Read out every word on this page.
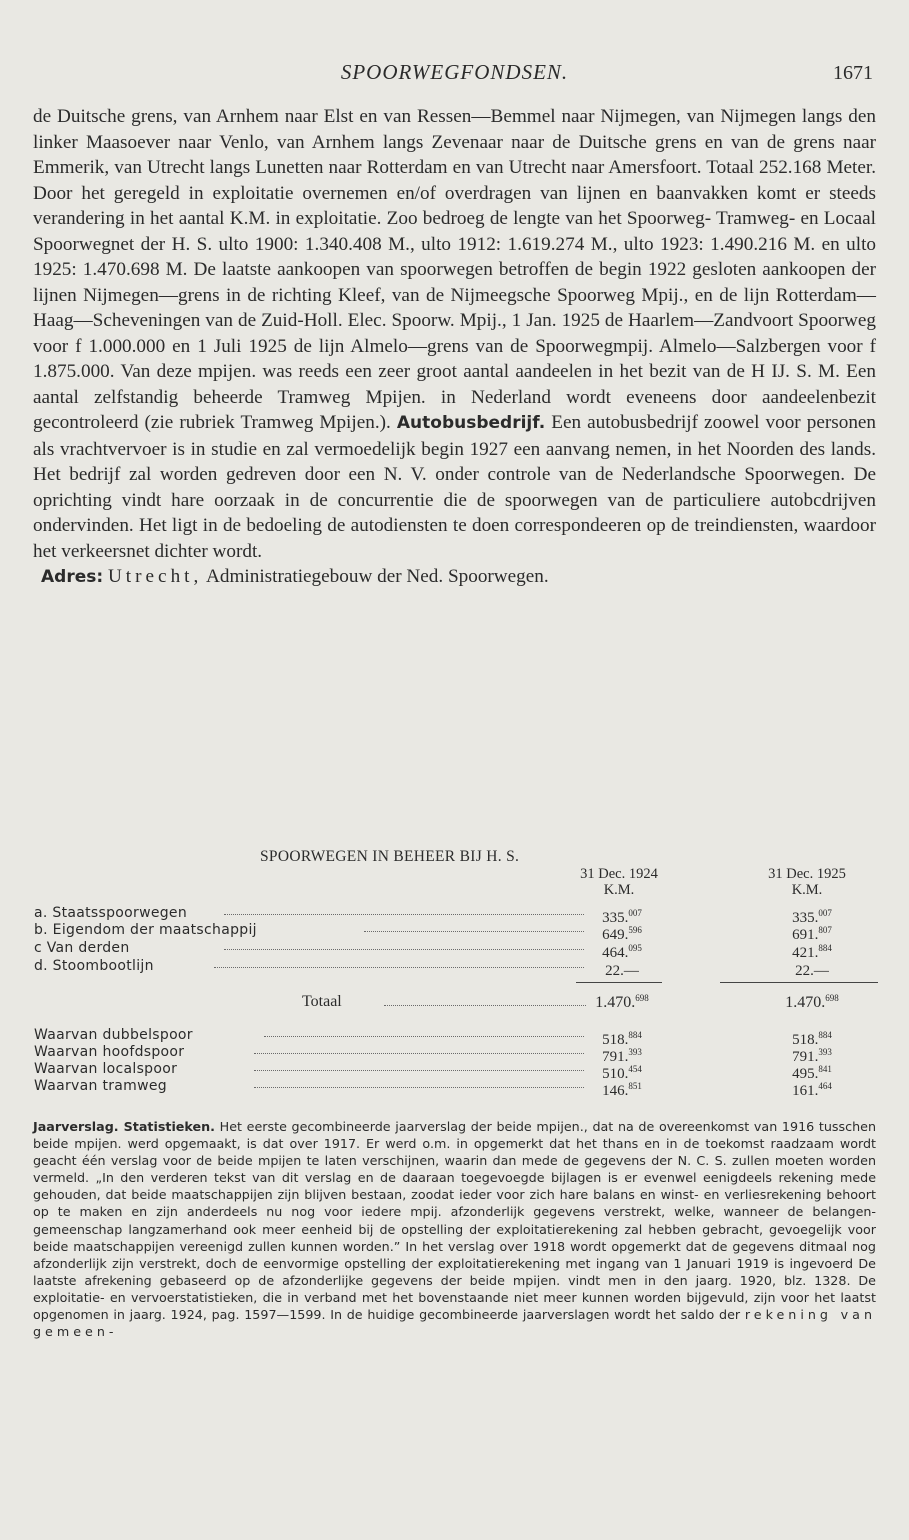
SPOORWEGFONDSEN.	1671
de Duitsche grens, van Arnhem naar Elst en van Ressen—Bemmel naar Nijmegen, van Nijmegen langs den linker Maasoever naar Venlo, van Arnhem langs Zevenaar naar de Duitsche grens en van de grens naar Emmerik, van Utrecht langs Lunetten naar Rotterdam en van Utrecht naar Amersfoort. Totaal 252.168 Meter. Door het geregeld in exploitatie overnemen en/of overdragen van lijnen en baanvakken komt er steeds verandering in het aantal K.M. in exploitatie. Zoo bedroeg de lengte van het Spoorweg- Tramweg- en Locaal Spoorwegnet der H. S. ulto 1900: 1.340.408 M., ulto 1912: 1.619.274 M., ulto 1923: 1.490.216 M. en ulto 1925: 1.470.698 M. De laatste aankoopen van spoorwegen betroffen de begin 1922 gesloten aankoopen der lijnen Nijmegen—grens in de richting Kleef, van de Nijmeegsche Spoorweg Mpij., en de lijn Rotterdam—Haag—Scheveningen van de Zuid-Holl. Elec. Spoorw. Mpij., 1 Jan. 1925 de Haarlem—Zandvoort Spoorweg voor f 1.000.000 en 1 Juli 1925 de lijn Almelo—grens van de Spoorwegmpij. Almelo—Salzbergen voor f 1.875.000. Van deze mpijen. was reeds een zeer groot aantal aandeelen in het bezit van de H IJ. S. M. Een aantal zelfstandig beheerde Tramweg Mpijen. in Nederland wordt eveneens door aandeelenbezit gecontroleerd (zie rubriek Tramweg Mpijen.). Autobusbedrijf. Een autobusbedrijf zoowel voor personen als vrachtvervoer is in studie en zal vermoedelijk begin 1927 een aanvang nemen, in het Noorden des lands. Het bedrijf zal worden gedreven door een N. V. onder controle van de Nederlandsche Spoorwegen. De oprichting vindt hare oorzaak in de concurrentie die de spoorwegen van de particuliere autobcdrijven ondervinden. Het ligt in de bedoeling de autodiensten te doen correspondeeren op de treindiensten, waardoor het verkeersnet dichter wordt.
Adres: Utrecht, Administratiegebouw der Ned. Spoorwegen.
SPOORWEGEN IN BEHEER BIJ H. S.
31 Dec. 1924
K.M.
31 Dec. 1925
K.M.
a. Staatsspoorwegen	335.$^{007}$	335.$^{007}$
b. Eigendom der maatschappij	649.$^{596}$	691.$^{807}$
c Van derden	464.$^{095}$	421.$^{884}$
d. Stoombootlijn	22.—	22.—
Totaal	1.470.$^{698}$	1.470.$^{698}$
Waarvan dubbelspoor	518.$^{884}$	518.$^{884}$
Waarvan hoofdspoor	791.$^{393}$	791.$^{393}$
Waarvan localspoor	510.$^{454}$	495.$^{841}$
Waarvan tramweg	146.$^{851}$	161.$^{464}$
Jaarverslag. Statistieken. Het eerste gecombineerde jaarverslag der beide mpijen., dat na de overeenkomst van 1916 tusschen beide mpijen. werd opgemaakt, is dat over 1917. Er werd o.m. in opgemerkt dat het thans en in de toekomst raadzaam wordt geacht één verslag voor de beide mpijen te laten verschijnen, waarin dan mede de gegevens der N. C. S. zullen moeten worden vermeld. „In den verderen tekst van dit verslag en de daaraan toegevoegde bijlagen is er evenwel eenigdeels rekening mede gehouden, dat beide maatschappijen zijn blijven bestaan, zoodat ieder voor zich hare balans en winst- en verliesrekening behoort op te maken en zijn anderdeels nu nog voor iedere mpij. afzonderlijk gegevens verstrekt, welke, wanneer de belangen-gemeenschap langzamerhand ook meer eenheid bij de opstelling der exploitatierekening zal hebben gebracht, gevoegelijk voor beide maatschappijen vereenigd zullen kunnen worden.” In het verslag over 1918 wordt opgemerkt dat de gegevens ditmaal nog afzonderlijk zijn verstrekt, doch de eenvormige opstelling der exploitatierekening met ingang van 1 Januari 1919 is ingevoerd De laatste afrekening gebaseerd op de afzonderlijke gegevens der beide mpijen. vindt men in den jaarg. 1920, blz. 1328. De exploitatie- en vervoerstatistieken, die in verband met het bovenstaande niet meer kunnen worden bijgevuld, zijn voor het laatst opgenomen in jaarg. 1924, pag. 1597—1599. In de huidige gecombineerde jaarverslagen wordt het saldo der rekening van gemeen-
